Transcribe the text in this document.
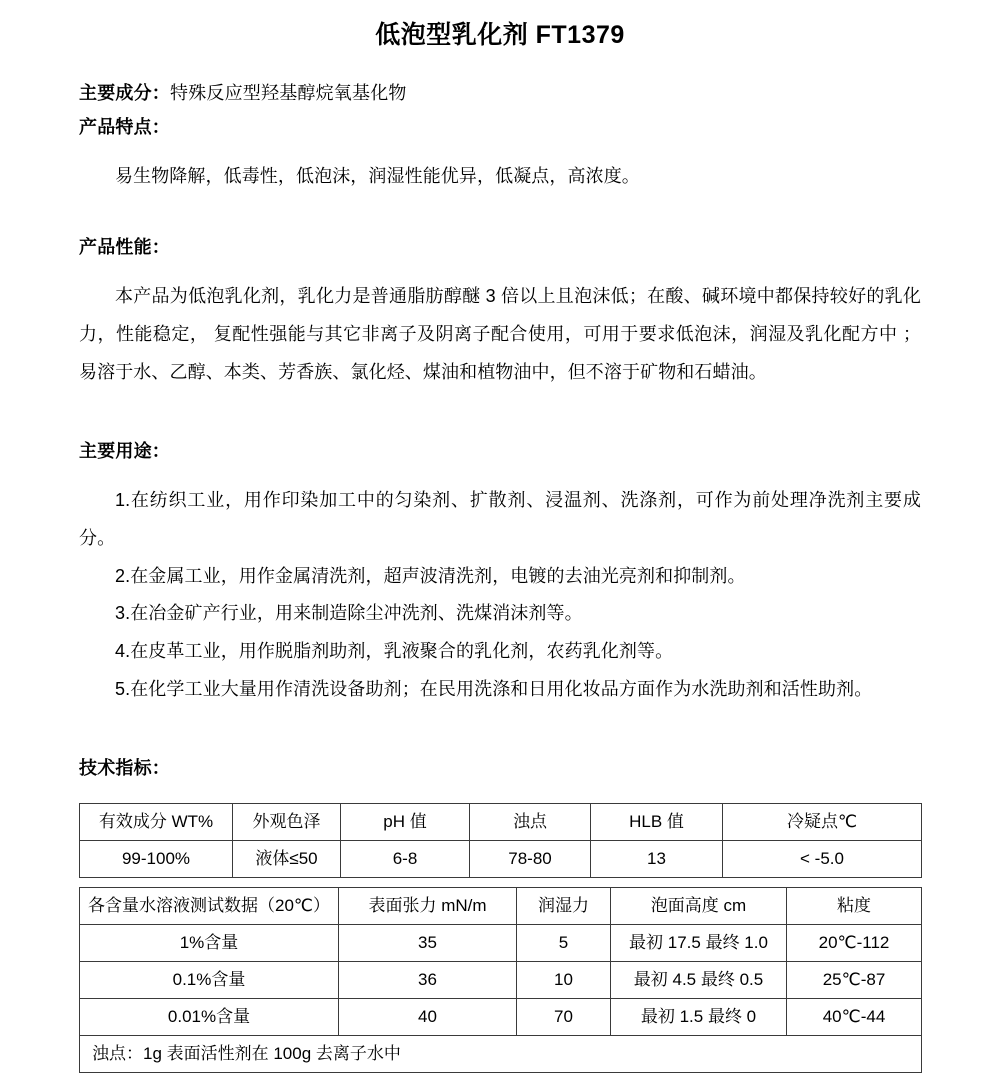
低泡型乳化剂 FT1379

主要成分：特殊反应型羟基醇烷氧基化物

产品特点：

易生物降解，低毒性，低泡沫，润湿性能优异，低凝点，高浓度。

产品性能：

本产品为低泡乳化剂，乳化力是普通脂肪醇醚 3 倍以上且泡沫低；在酸、碱环境中都保持较好的乳化力，性能稳定， 复配性强能与其它非离子及阴离子配合使用，可用于要求低泡沫，润湿及乳化配方中 ；易溶于水、乙醇、本类、芳香族、氯化烃、煤油和植物油中，但不溶于矿物和石蜡油。

主要用途：

1.在纺织工业，用作印染加工中的匀染剂、扩散剂、浸温剂、洗涤剂，可作为前处理净洗剂主要成分。

2.在金属工业，用作金属清洗剂，超声波清洗剂，电镀的去油光亮剂和抑制剂。

3.在冶金矿产行业，用来制造除尘冲洗剂、洗煤消沫剂等。

4.在皮革工业，用作脱脂剂助剂，乳液聚合的乳化剂，农药乳化剂等。

5.在化学工业大量用作清洗设备助剂；在民用洗涤和日用化妆品方面作为水洗助剂和活性助剂。

技术指标：

有效成分 WT%	外观色泽	pH 值	浊点	HLB 值	冷疑点℃
99-100%	液体≤50	6-8	78-80	13	< -5.0
各含量水溶液测试数据（20℃）	表面张力 mN/m	润湿力	泡面高度 cm	粘度
1%含量	35	5	最初 17.5 最终 1.0	20℃-112
0.1%含量	36	10	最初 4.5 最终 0.5	25℃-87
0.01%含量	40	70	最初 1.5 最终 0	40℃-44
浊点：1g 表面活性剂在 100g 去离子水中				
